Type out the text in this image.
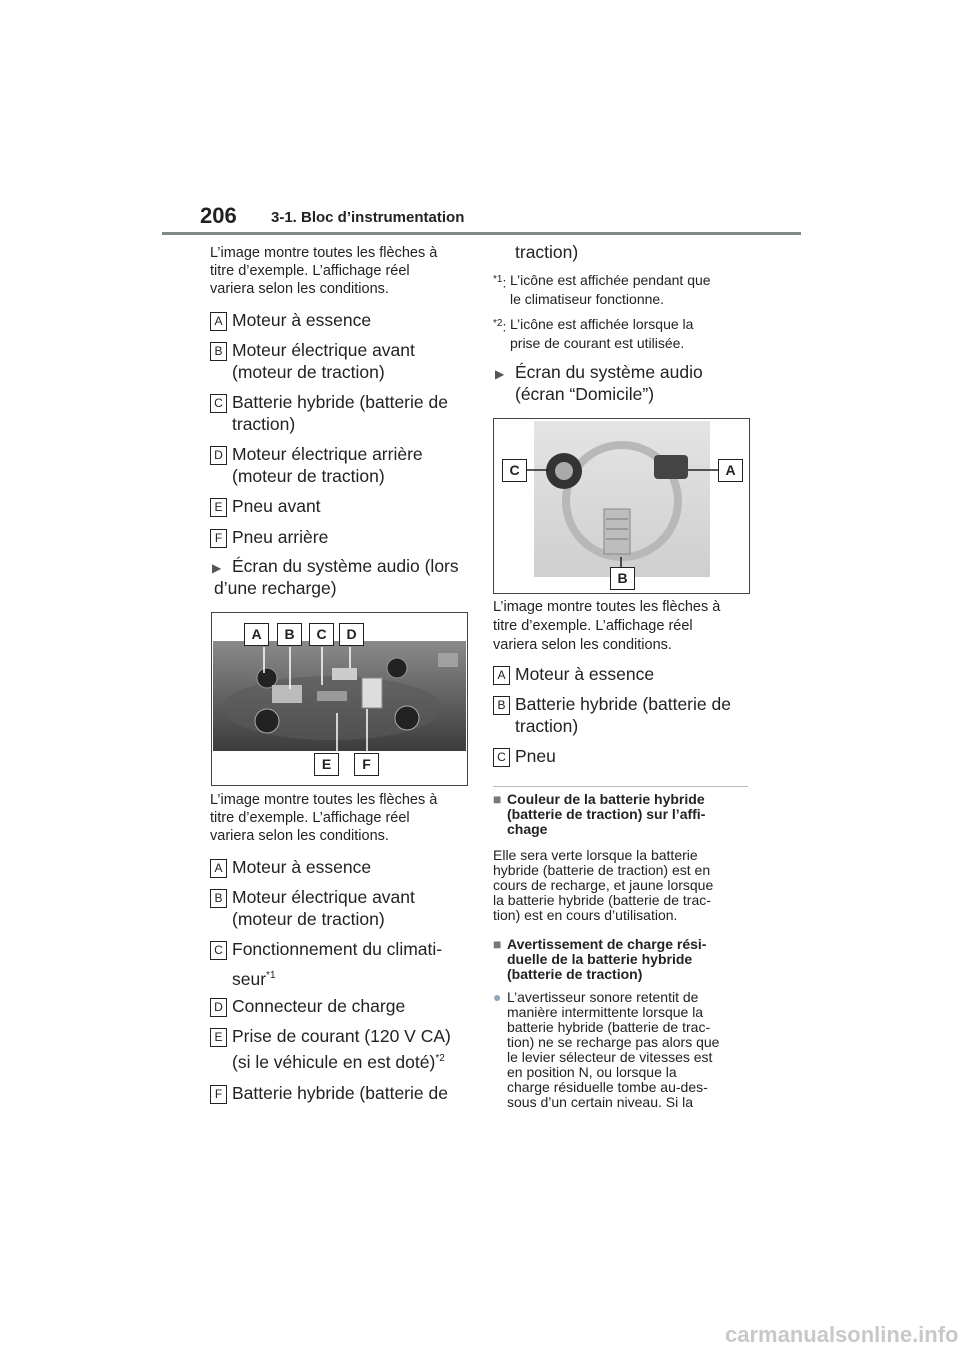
206 3-1. Bloc d’instrumentation
L’image montre toutes les flèches à
titre d’exemple. L’affichage réel
variera selon les conditions.
A Moteur à essence
B Moteur électrique avant
(moteur de traction)
C Batterie hybride (batterie de
traction)
D Moteur électrique arrière
(moteur de traction)
E Pneu avant
F Pneu arrière
▶ Écran du système audio (lors
d’une recharge)
A	B	C	D
E	F
L’image montre toutes les flèches à
titre d’exemple. L’affichage réel
variera selon les conditions.
A Moteur à essence
B Moteur électrique avant
(moteur de traction)
C Fonctionnement du climati-
seur$^{*1}$
D Connecteur de charge
E Prise de courant (120 V CA)
(si le véhicule en est doté)$^{*2}$
F Batterie hybride (batterie de
traction)
$^{*1}$: L’icône est affichée pendant que
le climatiseur fonctionne.
$^{*2}$: L’icône est affichée lorsque la
prise de courant est utilisée.
▶ Écran du système audio
(écran “Domicile”)
C	A
B
L’image montre toutes les flèches à
titre d’exemple. L’affichage réel
variera selon les conditions.
A Moteur à essence
B Batterie hybride (batterie de
traction)
C Pneu
■ Couleur de la batterie hybride
(batterie de traction) sur l’affi-
chage
Elle sera verte lorsque la batterie
hybride (batterie de traction) est en
cours de recharge, et jaune lorsque
la batterie hybride (batterie de trac-
tion) est en cours d’utilisation.
■ Avertissement de charge rési-
duelle de la batterie hybride
(batterie de traction)
● L’avertisseur sonore retentit de
manière intermittente lorsque la
batterie hybride (batterie de trac-
tion) ne se recharge pas alors que
le levier sélecteur de vitesses est
en position N, ou lorsque la
charge résiduelle tombe au-des-
sous d’un certain niveau. Si la
carmanualsonline.info
